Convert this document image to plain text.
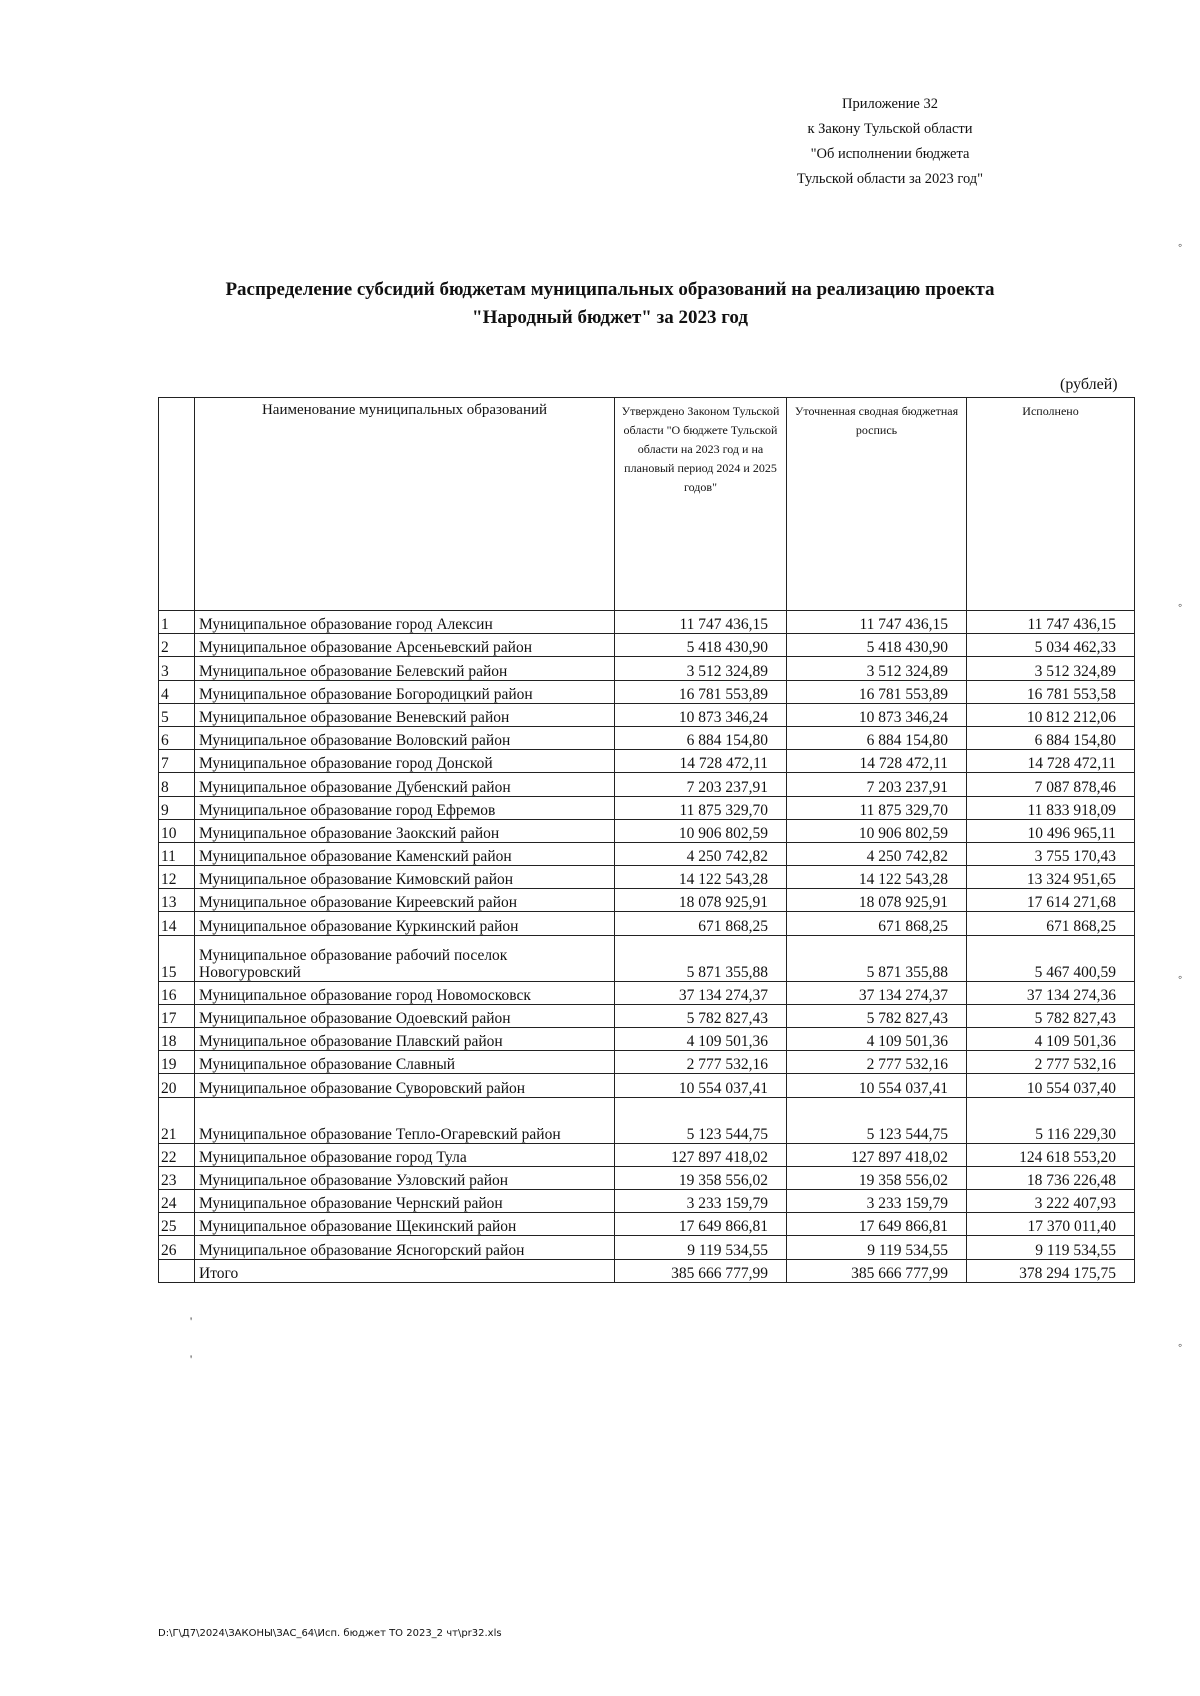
Приложение 32
к Закону Тульской области
"Об исполнении бюджета
Тульской области за 2023 год"
Распределение субсидий бюджетам муниципальных образований на реализацию проекта
"Народный бюджет" за 2023 год
(рублей)
	Наименование муниципальных образований	Утверждено Законом Тульской области "О бюджете Тульской области на 2023 год и на плановый период 2024 и 2025 годов"	Уточненная сводная бюджетная роспись	Исполнено
1	Муниципальное образование город Алексин	11 747 436,15	11 747 436,15	11 747 436,15
2	Муниципальное образование Арсеньевский район	5 418 430,90	5 418 430,90	5 034 462,33
3	Муниципальное образование Белевский район	3 512 324,89	3 512 324,89	3 512 324,89
4	Муниципальное образование Богородицкий район	16 781 553,89	16 781 553,89	16 781 553,58
5	Муниципальное образование Веневский район	10 873 346,24	10 873 346,24	10 812 212,06
6	Муниципальное образование Воловский район	6 884 154,80	6 884 154,80	6 884 154,80
7	Муниципальное образование город Донской	14 728 472,11	14 728 472,11	14 728 472,11
8	Муниципальное образование Дубенский район	7 203 237,91	7 203 237,91	7 087 878,46
9	Муниципальное образование город Ефремов	11 875 329,70	11 875 329,70	11 833 918,09
10	Муниципальное образование Заокский район	10 906 802,59	10 906 802,59	10 496 965,11
11	Муниципальное образование Каменский район	4 250 742,82	4 250 742,82	3 755 170,43
12	Муниципальное образование Кимовский район	14 122 543,28	14 122 543,28	13 324 951,65
13	Муниципальное образование Киреевский район	18 078 925,91	18 078 925,91	17 614 271,68
14	Муниципальное образование Куркинский район	671 868,25	671 868,25	671 868,25
15	Муниципальное образование рабочий поселок Новогуровский	5 871 355,88	5 871 355,88	5 467 400,59
16	Муниципальное образование город Новомосковск	37 134 274,37	37 134 274,37	37 134 274,36
17	Муниципальное образование Одоевский район	5 782 827,43	5 782 827,43	5 782 827,43
18	Муниципальное образование Плавский район	4 109 501,36	4 109 501,36	4 109 501,36
19	Муниципальное образование Славный	2 777 532,16	2 777 532,16	2 777 532,16
20	Муниципальное образование Суворовский район	10 554 037,41	10 554 037,41	10 554 037,40
21	Муниципальное образование Тепло-Огаревский район	5 123 544,75	5 123 544,75	5 116 229,30
22	Муниципальное образование город Тула	127 897 418,02	127 897 418,02	124 618 553,20
23	Муниципальное образование Узловский район	19 358 556,02	19 358 556,02	18 736 226,48
24	Муниципальное образование Чернский район	3 233 159,79	3 233 159,79	3 222 407,93
25	Муниципальное образование Щекинский район	17 649 866,81	17 649 866,81	17 370 011,40
26	Муниципальное образование Ясногорский район	9 119 534,55	9 119 534,55	9 119 534,55
	Итого	385 666 777,99	385 666 777,99	378 294 175,75
◦
◦
◦
◦
'
'
D:\Г\Д7\2024\ЗАКОНЫ\ЗАС_64\Исп. бюджет ТО 2023_2 чт\pr32.xls
